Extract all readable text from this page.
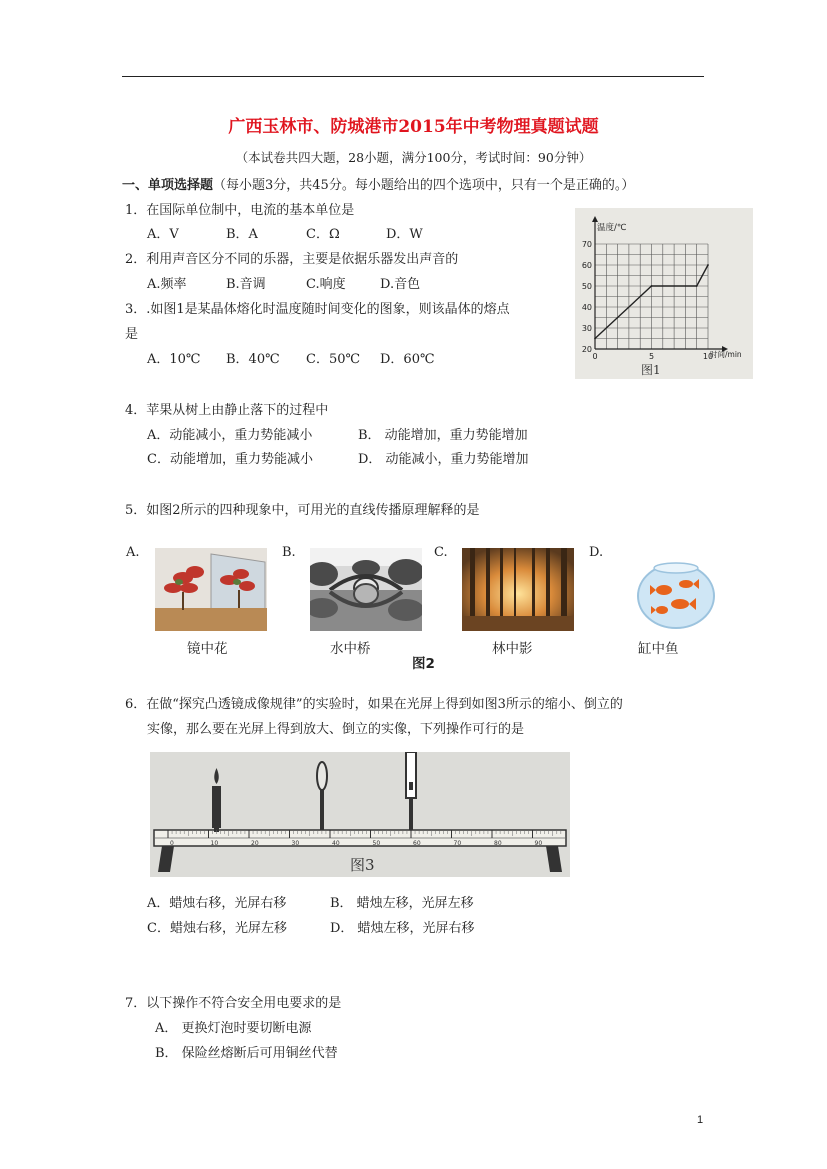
广西玉林市、防城港市2015年中考物理真题试题
（本试卷共四大题，28小题，满分100分，考试时间：90分钟）
一、单项选择题（每小题3分，共45分。每小题给出的四个选项中，只有一个是正确的。）
1．在国际单位制中，电流的基本单位是
A．V	B．A	C．Ω	D．W
2．利用声音区分不同的乐器，主要是依据乐器发出声音的
A.频率	B.音调	C.响度	D.音色
3．.如图1是某晶体熔化时温度随时间变化的图象，则该晶体的熔点
是
A．10℃ B．40℃ C．50℃ D．60℃
20
30
40
50
60
70
0	5	10
温度/℃
时间/min
图1
4．苹果从树上由静止落下的过程中
A．动能减小，重力势能减小	B． 动能增加，重力势能增加
C．动能增加，重力势能减小	D． 动能减小，重力势能增加
5．如图2所示的四种现象中，可用光的直线传播原理解释的是
A.	B.	C.	D.
镜中花	水中桥	林中影	缸中鱼
图2
6．在做“探究凸透镜成像规律”的实验时，如果在光屏上得到如图3所示的缩小、倒立的
实像，那么要在光屏上得到放大、倒立的实像，下列操作可行的是
图3
0	10	20	30	40	50	60	70	80	90
A．蜡烛右移，光屏右移	B． 蜡烛左移，光屏左移
C．蜡烛右移，光屏左移	D． 蜡烛左移，光屏右移
7．以下操作不符合安全用电要求的是
A． 更换灯泡时要切断电源
B． 保险丝熔断后可用铜丝代替
1
